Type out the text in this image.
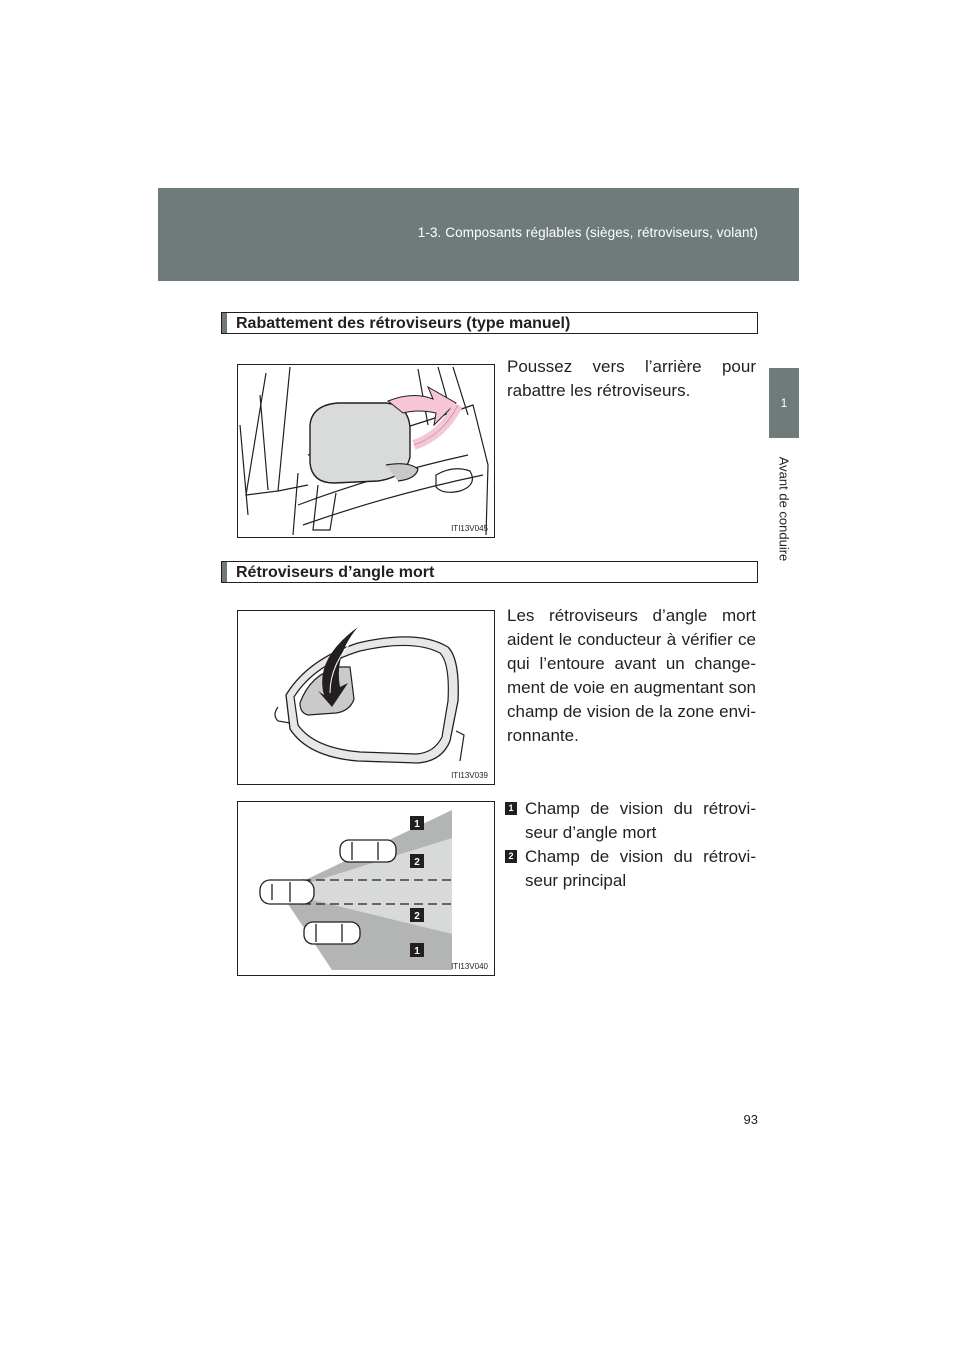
1-3. Composants réglables (sièges, rétroviseurs, volant)
1
Avant de conduire
Rabattement des rétroviseurs (type manuel)
ITI13V045
Poussez vers l’arrière pour rabattre les rétroviseurs.
Rétroviseurs d’angle mort
ITI13V039
Les rétroviseurs d’angle mort aident le conducteur à vérifier ce qui l’entoure avant un change-ment de voie en augmentant son champ de vision de la zone envi-ronnante.
1
2
2
1
ITI13V040
1 Champ de vision du rétrovi-seur d’angle mort
2 Champ de vision du rétrovi-seur principal
93
